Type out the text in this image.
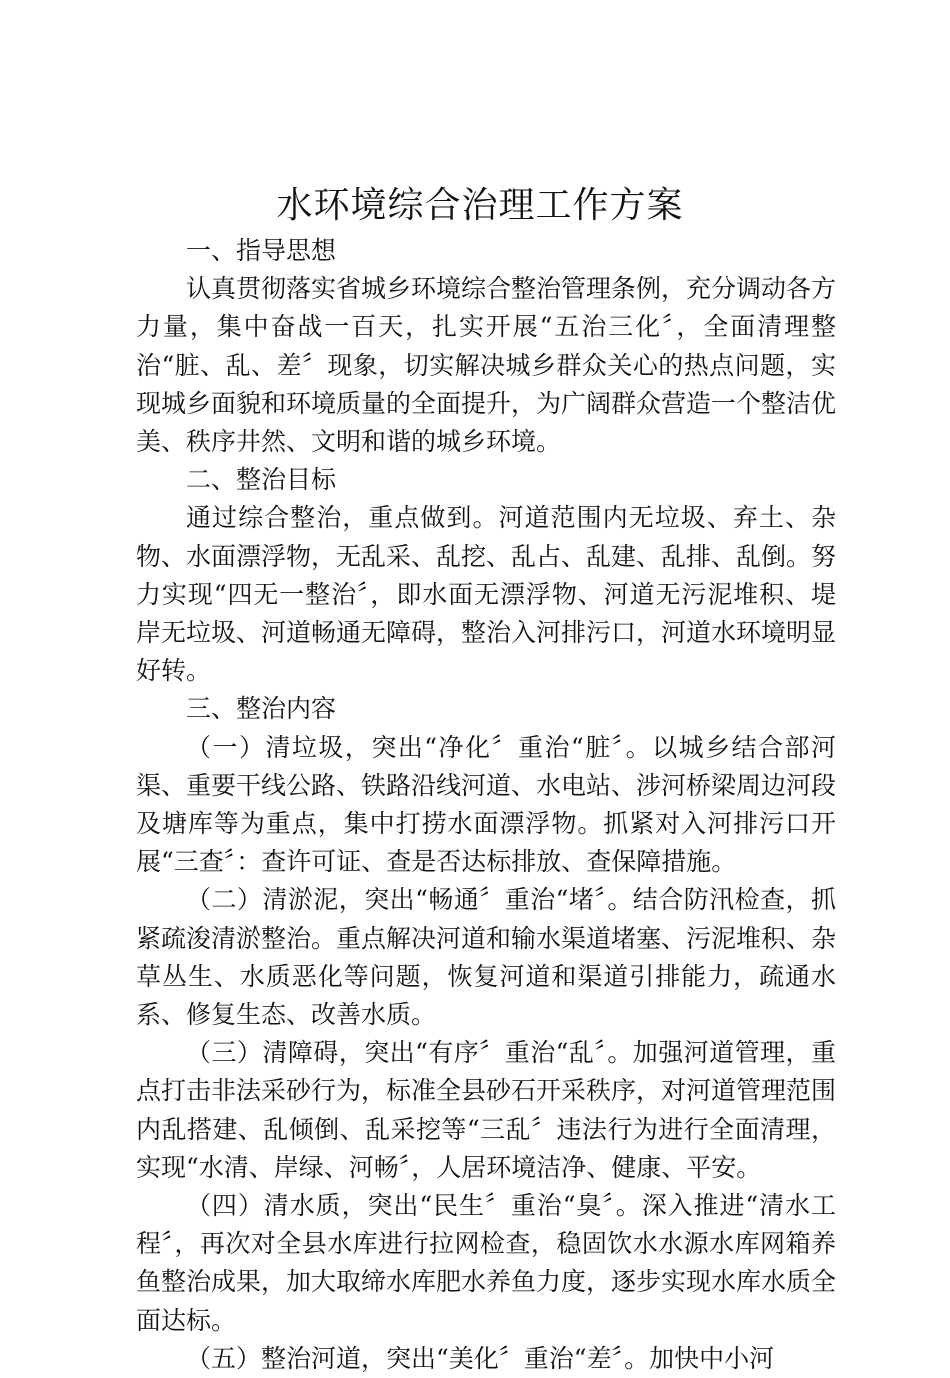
水环境综合治理工作方案

一、指导思想

认真贯彻落实省城乡环境综合整治管理条例，充分调动各方力量，集中奋战一百天，扎实开展“五治三化〞，全面清理整治“脏、乱、差〞现象，切实解决城乡群众关心的热点问题，实现城乡面貌和环境质量的全面提升，为广阔群众营造一个整洁优美、秩序井然、文明和谐的城乡环境。

二、整治目标

通过综合整治，重点做到。河道范围内无垃圾、弃土、杂物、水面漂浮物，无乱采、乱挖、乱占、乱建、乱排、乱倒。努力实现“四无一整治〞，即水面无漂浮物、河道无污泥堆积、堤岸无垃圾、河道畅通无障碍，整治入河排污口，河道水环境明显好转。

三、整治内容

（一）清垃圾，突出“净化〞重治“脏〞。以城乡结合部河渠、重要干线公路、铁路沿线河道、水电站、涉河桥梁周边河段及塘库等为重点，集中打捞水面漂浮物。抓紧对入河排污口开展“三查〞：查许可证、查是否达标排放、查保障措施。

（二）清淤泥，突出“畅通〞重治“堵〞。结合防汛检查，抓紧疏浚清淤整治。重点解决河道和输水渠道堵塞、污泥堆积、杂草丛生、水质恶化等问题，恢复河道和渠道引排能力，疏通水系、修复生态、改善水质。

（三）清障碍，突出“有序〞重治“乱〞。加强河道管理，重点打击非法采砂行为，标准全县砂石开采秩序，对河道管理范围内乱搭建、乱倾倒、乱采挖等“三乱〞违法行为进行全面清理，实现“水清、岸绿、河畅〞，人居环境洁净、健康、平安。

（四）清水质，突出“民生〞重治“臭〞。深入推进“清水工程〞，再次对全县水库进行拉网检查，稳固饮水水源水库网箱养鱼整治成果，加大取缔水库肥水养鱼力度，逐步实现水库水质全面达标。

（五）整治河道，突出“美化〞重治“差〞。加快中小河
